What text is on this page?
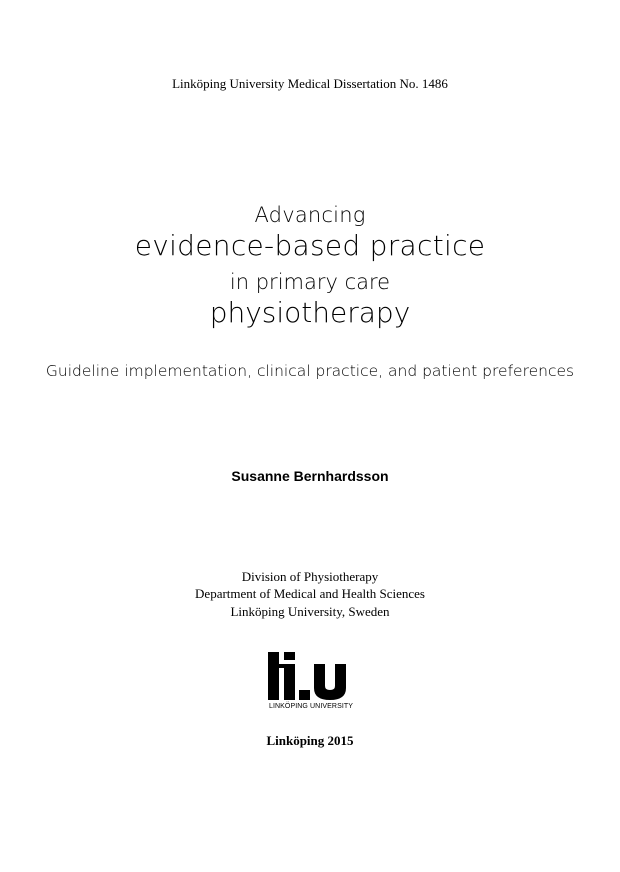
Linköping University Medical Dissertation No. 1486
Advancing
evidence-based practice
in primary care
physiotherapy
Guideline implementation, clinical practice, and patient preferences
Susanne Bernhardsson
Division of Physiotherapy
Department of Medical and Health Sciences
Linköping University, Sweden
LINKÖPING UNIVERSITY
Linköping 2015
